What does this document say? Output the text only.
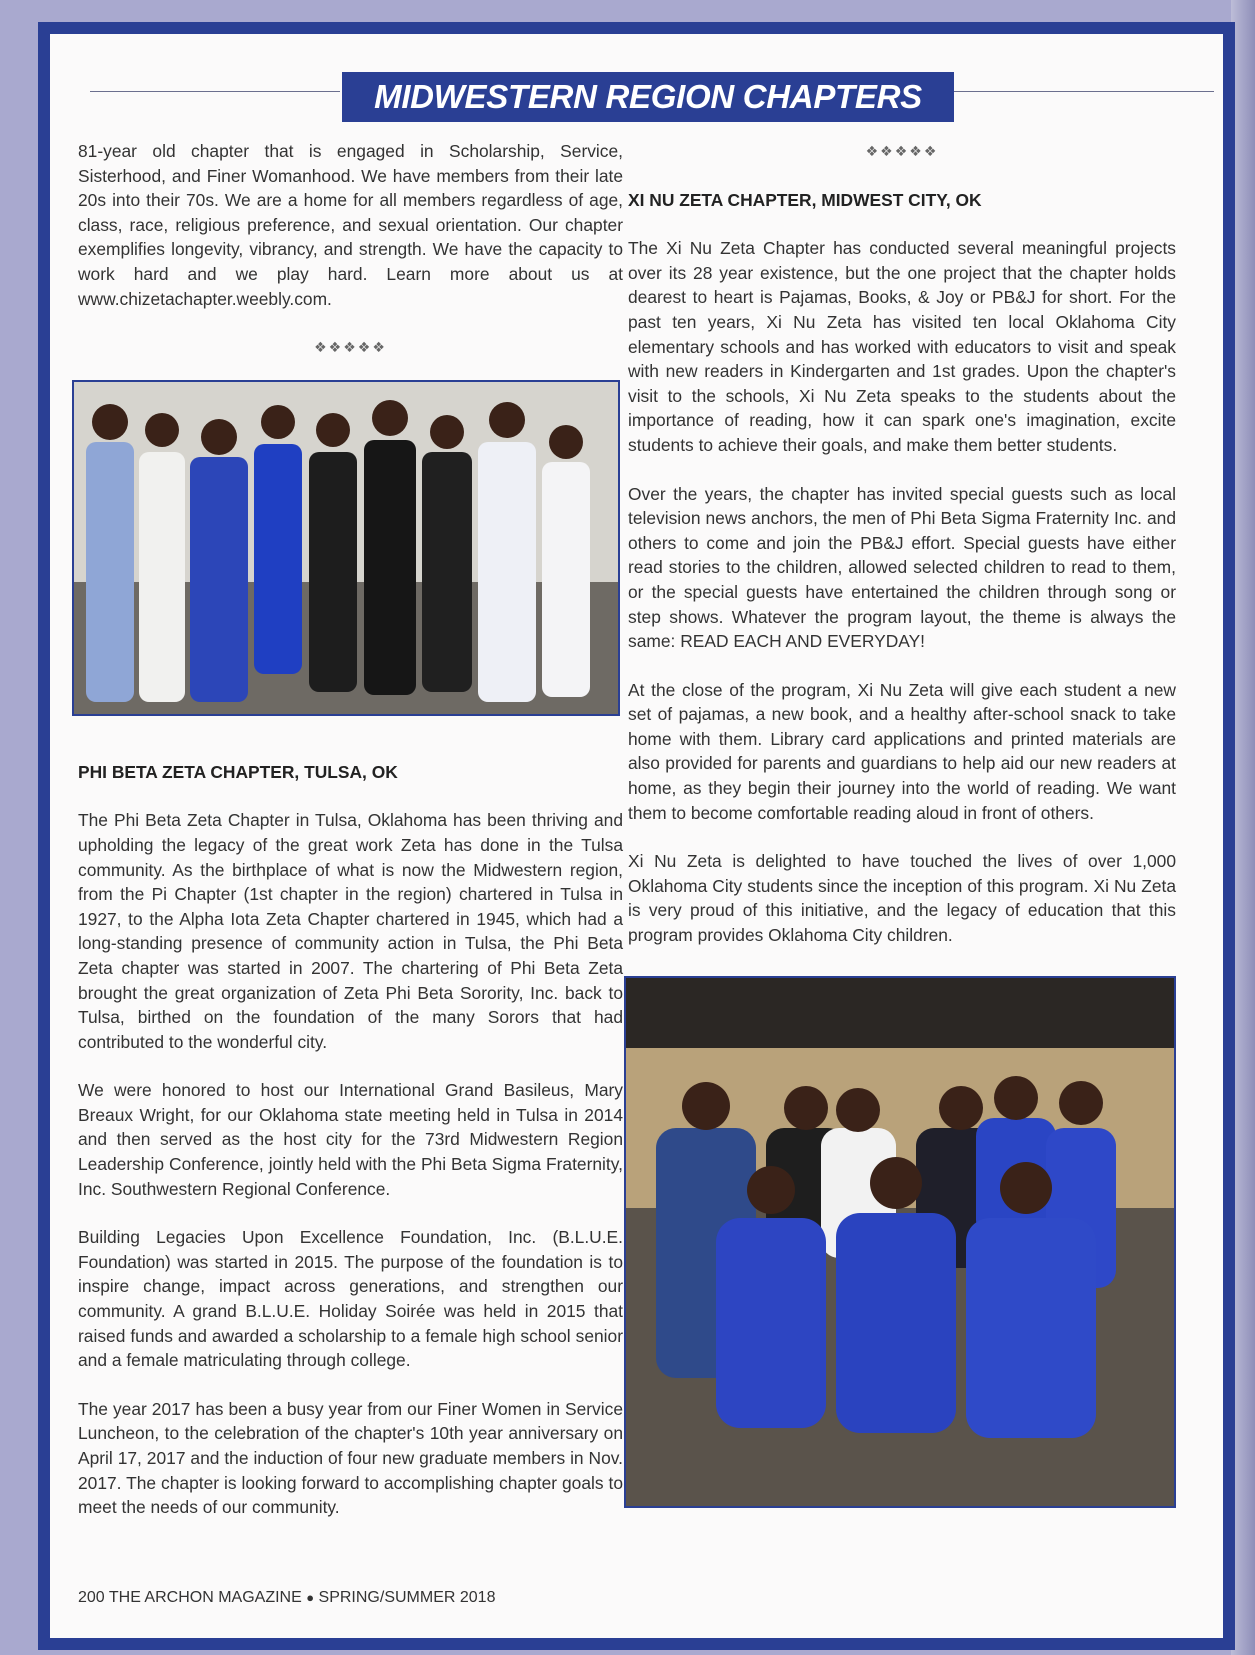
MIDWESTERN REGION CHAPTERS

81-year old chapter that is engaged in Scholarship, Service, Sisterhood, and Finer Womanhood. We have members from their late 20s into their 70s. We are a home for all members regardless of age, class, race, religious preference, and sexual orientation. Our chapter exemplifies longevity, vibrancy, and strength. We have the capacity to work hard and we play hard. Learn more about us at www.chizetachapter.weebly.com.

❖❖❖❖❖

PHI BETA ZETA CHAPTER, TULSA, OK

The Phi Beta Zeta Chapter in Tulsa, Oklahoma has been thriving and upholding the legacy of the great work Zeta has done in the Tulsa community. As the birthplace of what is now the Midwestern region, from the Pi Chapter (1st chapter in the region) chartered in Tulsa in 1927, to the Alpha Iota Zeta Chapter chartered in 1945, which had a long-standing presence of community action in Tulsa, the Phi Beta Zeta chapter was started in 2007. The chartering of Phi Beta Zeta brought the great organization of Zeta Phi Beta Sorority, Inc. back to Tulsa, birthed on the foundation of the many Sorors that had contributed to the wonderful city.

We were honored to host our International Grand Basileus, Mary Breaux Wright, for our Oklahoma state meeting held in Tulsa in 2014 and then served as the host city for the 73rd Midwestern Region Leadership Conference, jointly held with the Phi Beta Sigma Fraternity, Inc. Southwestern Regional Conference.

Building Legacies Upon Excellence Foundation, Inc. (B.L.U.E. Foundation) was started in 2015. The purpose of the foundation is to inspire change, impact across generations, and strengthen our community. A grand B.L.U.E. Holiday Soirée was held in 2015 that raised funds and awarded a scholarship to a female high school senior and a female matriculating through college.

The year 2017 has been a busy year from our Finer Women in Service Luncheon, to the celebration of the chapter's 10th year anniversary on April 17, 2017 and the induction of four new graduate members in Nov. 2017. The chapter is looking forward to accomplishing chapter goals to meet the needs of our community.

❖❖❖❖❖

XI NU ZETA CHAPTER, MIDWEST CITY, OK

The Xi Nu Zeta Chapter has conducted several meaningful projects over its 28 year existence, but the one project that the chapter holds dearest to heart is Pajamas, Books, & Joy or PB&J for short. For the past ten years, Xi Nu Zeta has visited ten local Oklahoma City elementary schools and has worked with educators to visit and speak with new readers in Kindergarten and 1st grades. Upon the chapter's visit to the schools, Xi Nu Zeta speaks to the students about the importance of reading, how it can spark one's imagination, excite students to achieve their goals, and make them better students.

Over the years, the chapter has invited special guests such as local television news anchors, the men of Phi Beta Sigma Fraternity Inc. and others to come and join the PB&J effort. Special guests have either read stories to the children, allowed selected children to read to them, or the special guests have entertained the children through song or step shows. Whatever the program layout, the theme is always the same: READ EACH AND EVERYDAY!

At the close of the program, Xi Nu Zeta will give each student a new set of pajamas, a new book, and a healthy after-school snack to take home with them. Library card applications and printed materials are also provided for parents and guardians to help aid our new readers at home, as they begin their journey into the world of reading. We want them to become comfortable reading aloud in front of others.

Xi Nu Zeta is delighted to have touched the lives of over 1,000 Oklahoma City students since the inception of this program. Xi Nu Zeta is very proud of this initiative, and the legacy of education that this program provides Oklahoma City children.

200 THE ARCHON MAGAZINE ● SPRING/SUMMER 2018
